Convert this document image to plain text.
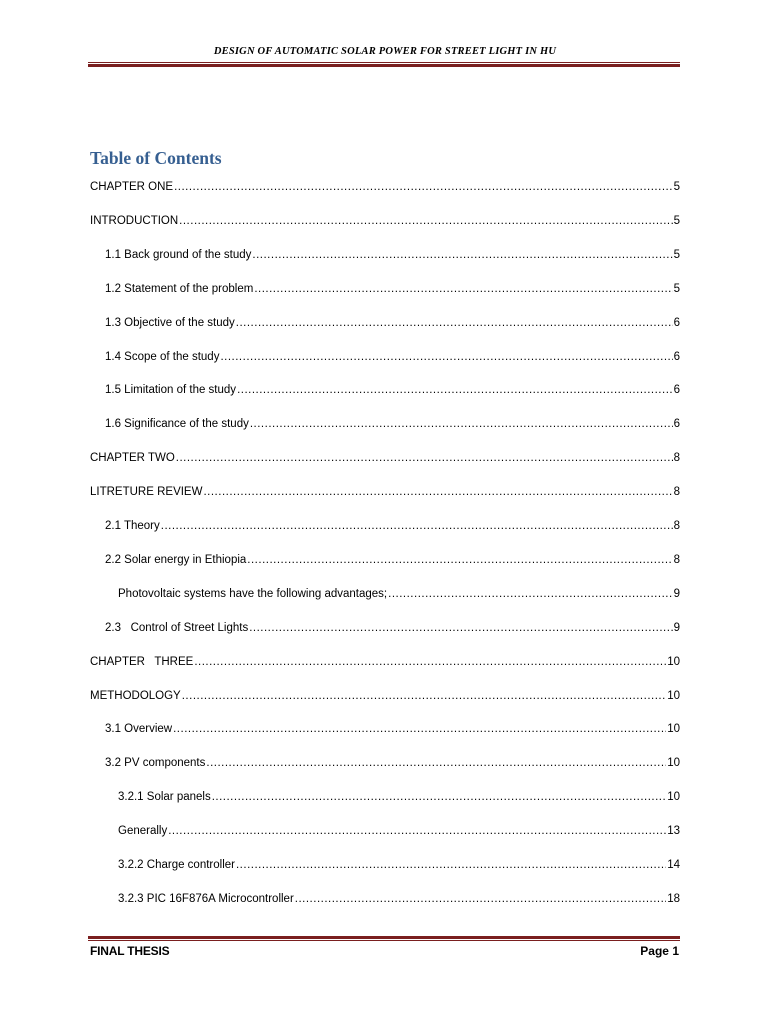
DESIGN OF AUTOMATIC SOLAR POWER FOR STREET LIGHT IN HU
Table of Contents
CHAPTER ONE .....	5
INTRODUCTION .....	5
1.1 Back ground of the study .....	5
1.2 Statement of the problem .....	5
1.3 Objective of the study .....	6
1.4 Scope of the study .....	6
1.5 Limitation of the study .....	6
1.6 Significance of the study .....	6
CHAPTER TWO .....	8
LITRETURE REVIEW .....	8
2.1 Theory .....	8
2.2 Solar energy in Ethiopia .....	8
Photovoltaic systems have the following advantages; .....	9
2.3   Control of Street Lights .....	9
CHAPTER   THREE .....	10
METHODOLOGY .....	10
3.1 Overview .....	10
3.2 PV components .....	10
3.2.1 Solar panels .....	10
Generally .....	13
3.2.2 Charge controller .....	14
3.2.3 PIC 16F876A Microcontroller .....	18
FINAL THESIS	Page 1
